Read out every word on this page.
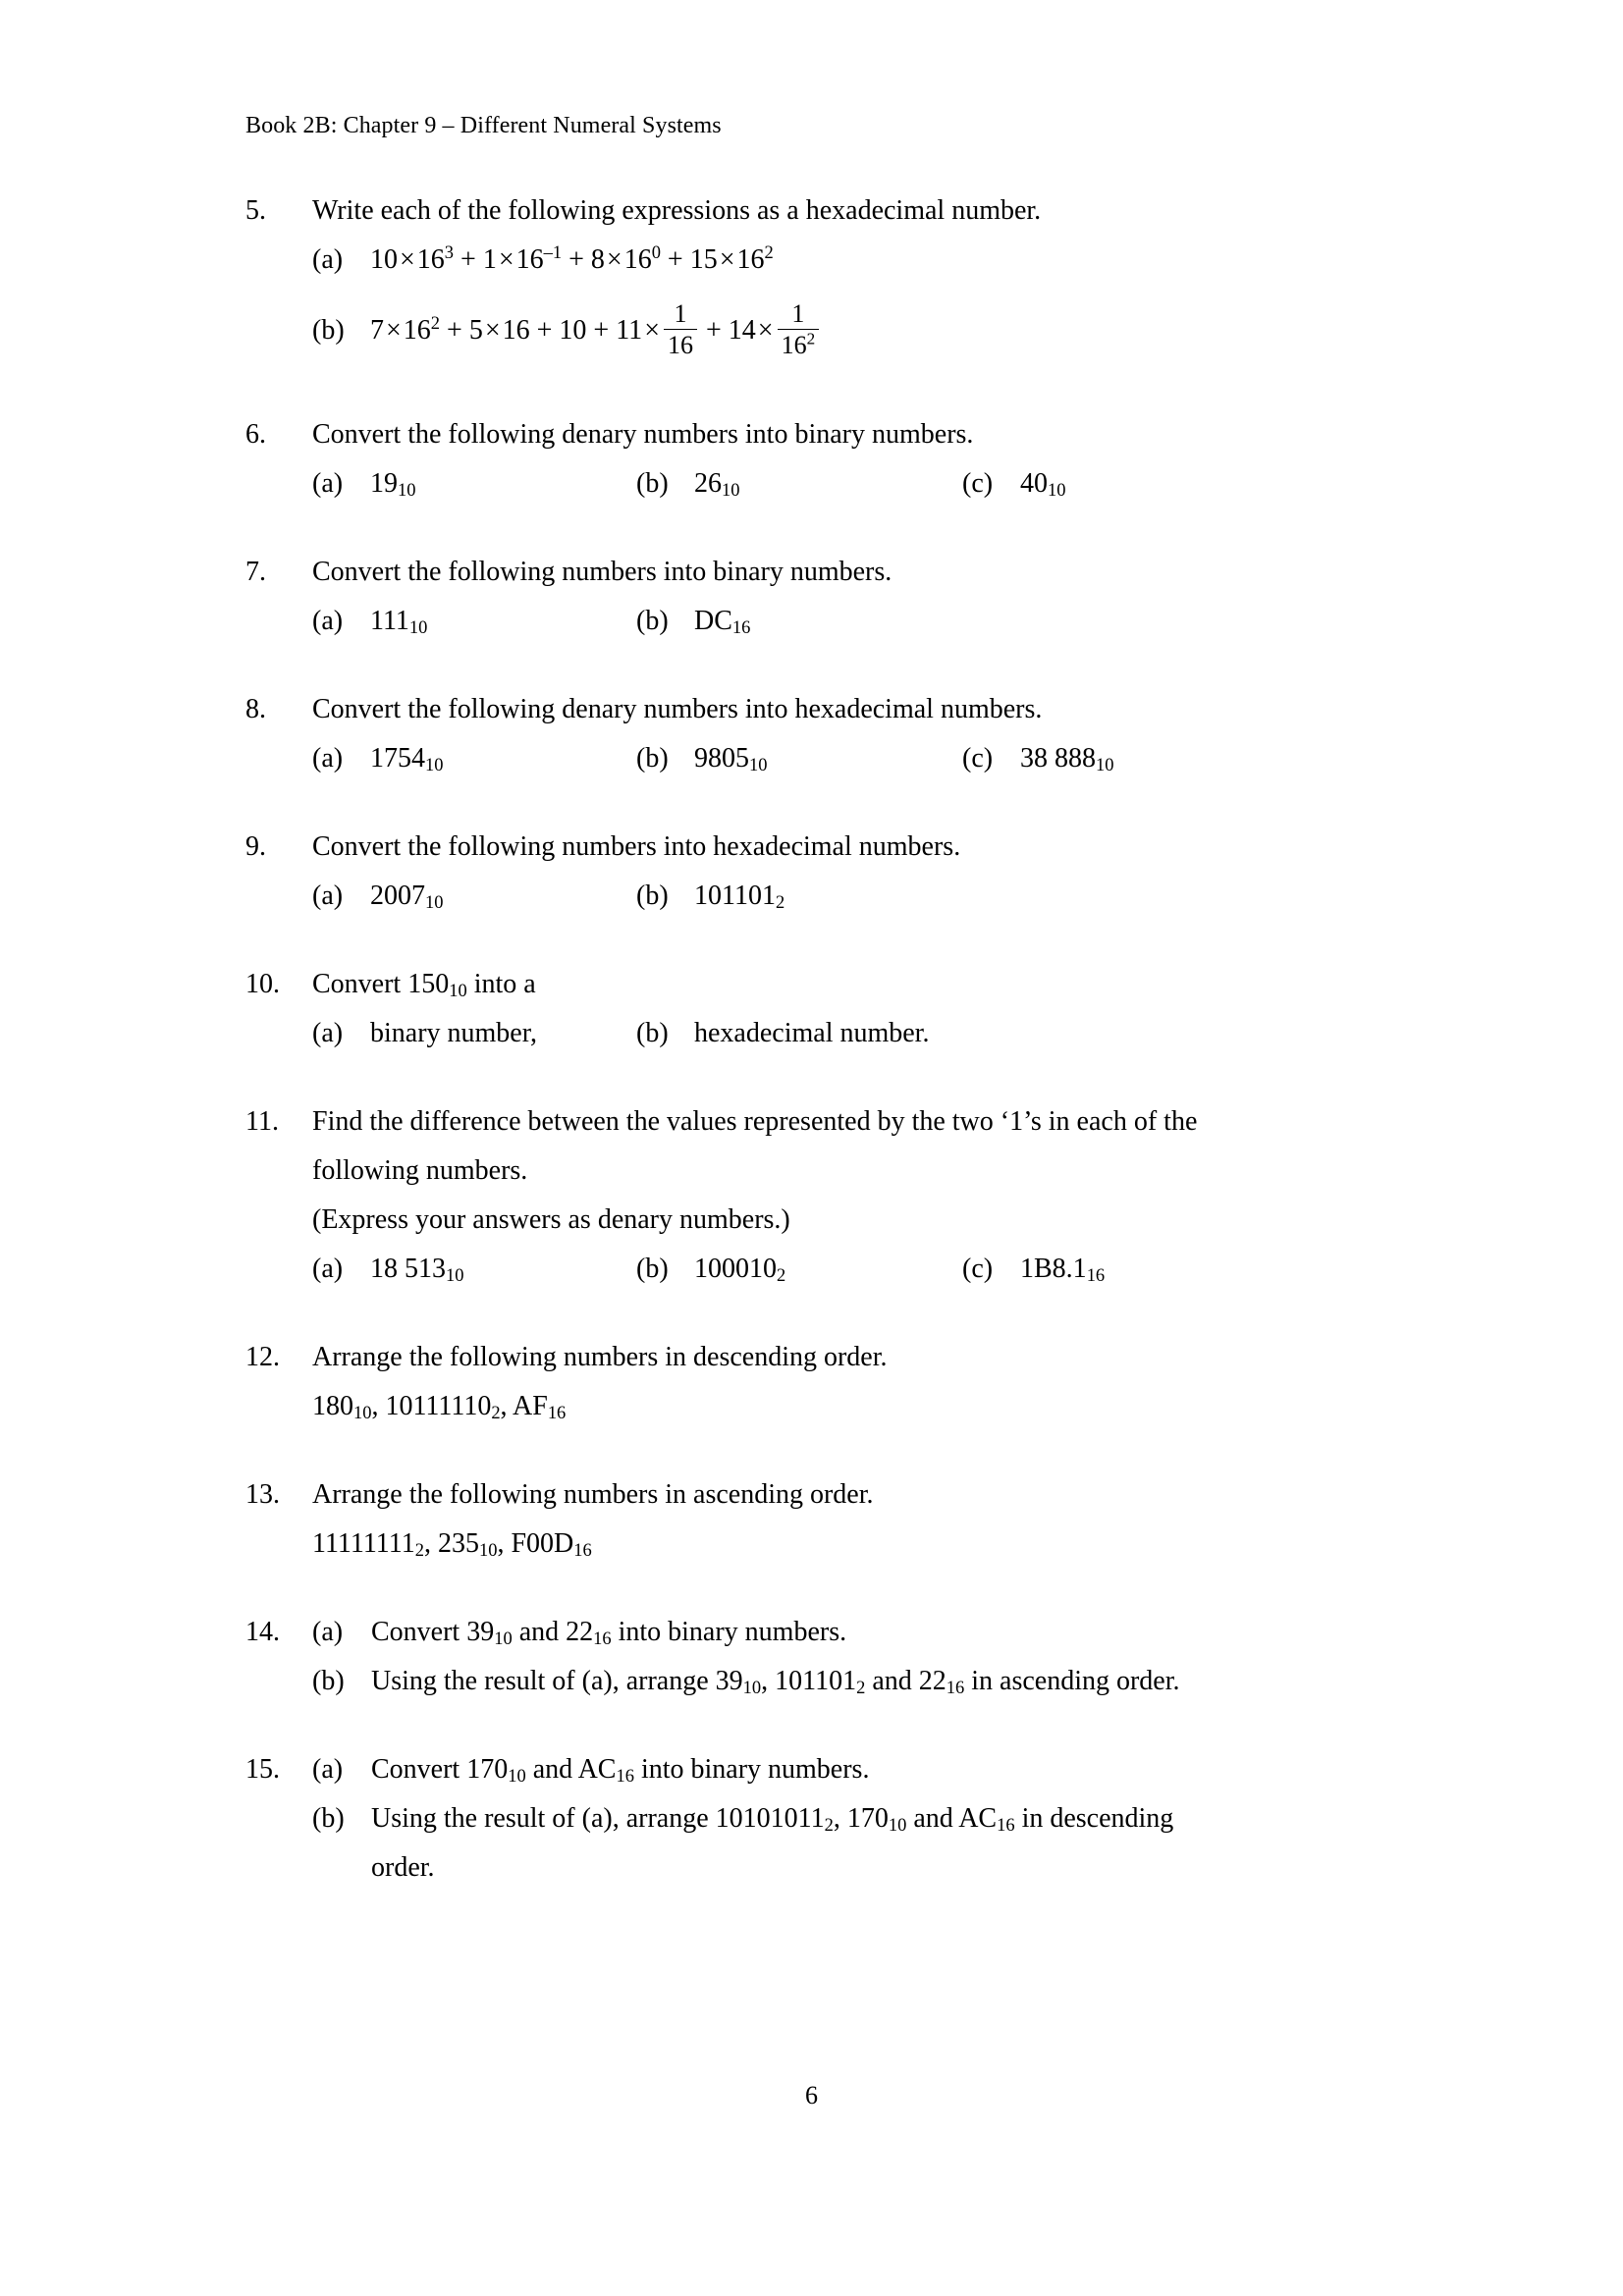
Book 2B: Chapter 9 – Different Numeral Systems
5.	Write each of the following expressions as a hexadecimal number.
(a) $10\times 16^3 + 1\times 16^{-1} + 8\times 16^0 + 15\times 16^2$
(b) $7\times 16^2 + 5\times 16 + 10 + 11\times \frac{1}{16} + 14\times \frac{1}{16^2}$
6.	Convert the following denary numbers into binary numbers.
(a) $19_{10}$	(b) $26_{10}$	(c) $40_{10}$
7.	Convert the following numbers into binary numbers.
(a) $111_{10}$	(b) $DC_{16}$
8.	Convert the following denary numbers into hexadecimal numbers.
(a) $1754_{10}$	(b) $9805_{10}$	(c) 38 $888_{10}$
9.	Convert the following numbers into hexadecimal numbers.
(a) $2007_{10}$	(b) $101101_2$
10.	Convert $150_{10}$ into a
(a) binary number,	(b) hexadecimal number.
11.	Find the difference between the values represented by the two ‘1’s in each of the
following numbers.
(Express your answers as denary numbers.)
(a) 18 $513_{10}$	(b) $100010_2$	(c) $1B8.1_{16}$
12.	Arrange the following numbers in descending order.
$180_{10}$, $10111110_2$, $AF_{16}$
13.	Arrange the following numbers in ascending order.
$11111111_2$, $235_{10}$, $F00D_{16}$
14.	(a) Convert $39_{10}$ and $22_{16}$ into binary numbers.
(b) Using the result of (a), arrange $39_{10}$, $101101_2$ and $22_{16}$ in ascending order.
15.	(a) Convert $170_{10}$ and $AC_{16}$ into binary numbers.
(b) Using the result of (a), arrange $10101011_2$, $170_{10}$ and $AC_{16}$ in descending
order.
6
